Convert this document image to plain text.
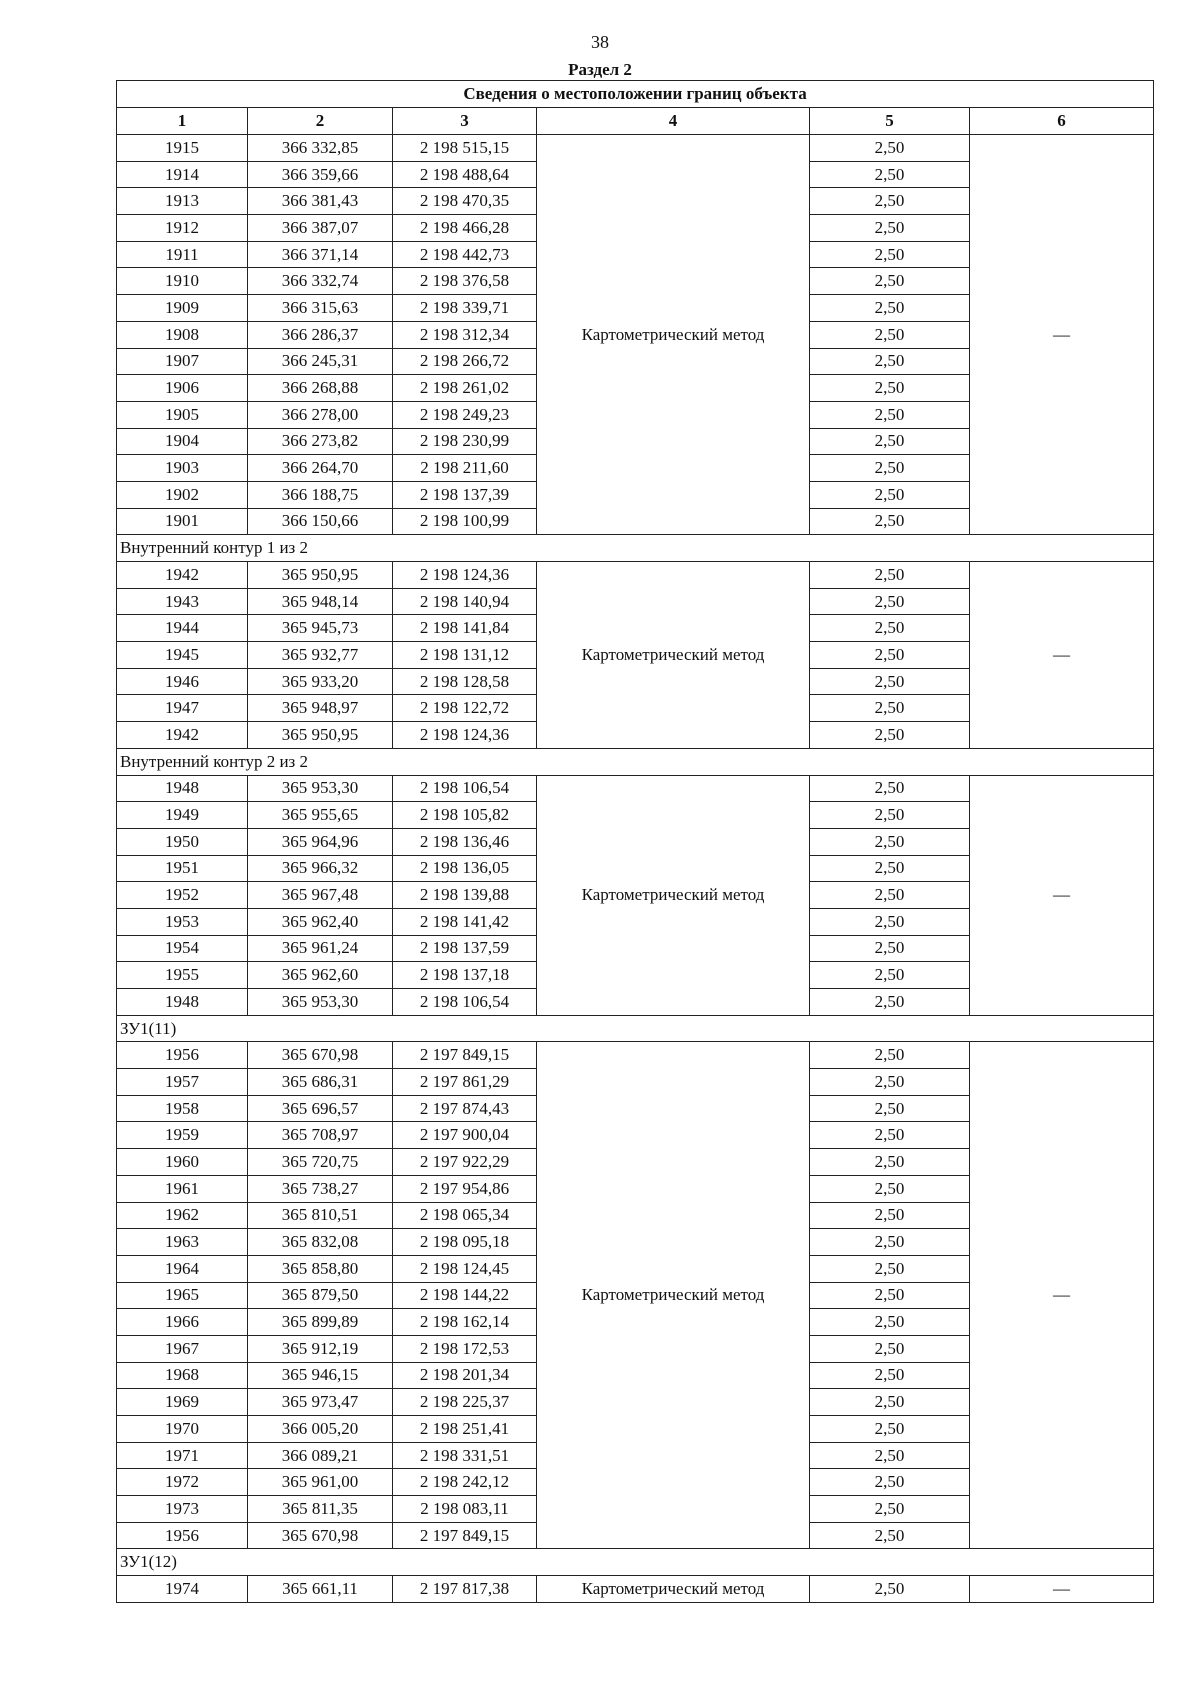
38
Раздел 2
Сведения о местоположении границ объекта					
1	2	3	4	5	6
1915	366 332,85	2 198 515,15	Картометрический метод	2,50	—
1914	366 359,66	2 198 488,64		2,50	
1913	366 381,43	2 198 470,35		2,50	
1912	366 387,07	2 198 466,28		2,50	
1911	366 371,14	2 198 442,73		2,50	
1910	366 332,74	2 198 376,58		2,50	
1909	366 315,63	2 198 339,71		2,50	
1908	366 286,37	2 198 312,34		2,50	
1907	366 245,31	2 198 266,72		2,50	
1906	366 268,88	2 198 261,02		2,50	
1905	366 278,00	2 198 249,23		2,50	
1904	366 273,82	2 198 230,99		2,50	
1903	366 264,70	2 198 211,60		2,50	
1902	366 188,75	2 198 137,39		2,50	
1901	366 150,66	2 198 100,99		2,50	
Внутренний контур 1 из 2					
1942	365 950,95	2 198 124,36	Картометрический метод	2,50	—
1943	365 948,14	2 198 140,94		2,50	
1944	365 945,73	2 198 141,84		2,50	
1945	365 932,77	2 198 131,12		2,50	
1946	365 933,20	2 198 128,58		2,50	
1947	365 948,97	2 198 122,72		2,50	
1942	365 950,95	2 198 124,36		2,50	
Внутренний контур 2 из 2					
1948	365 953,30	2 198 106,54	Картометрический метод	2,50	—
1949	365 955,65	2 198 105,82		2,50	
1950	365 964,96	2 198 136,46		2,50	
1951	365 966,32	2 198 136,05		2,50	
1952	365 967,48	2 198 139,88		2,50	
1953	365 962,40	2 198 141,42		2,50	
1954	365 961,24	2 198 137,59		2,50	
1955	365 962,60	2 198 137,18		2,50	
1948	365 953,30	2 198 106,54		2,50	
ЗУ1(11)					
1956	365 670,98	2 197 849,15	Картометрический метод	2,50	—
1957	365 686,31	2 197 861,29		2,50	
1958	365 696,57	2 197 874,43		2,50	
1959	365 708,97	2 197 900,04		2,50	
1960	365 720,75	2 197 922,29		2,50	
1961	365 738,27	2 197 954,86		2,50	
1962	365 810,51	2 198 065,34		2,50	
1963	365 832,08	2 198 095,18		2,50	
1964	365 858,80	2 198 124,45		2,50	
1965	365 879,50	2 198 144,22		2,50	
1966	365 899,89	2 198 162,14		2,50	
1967	365 912,19	2 198 172,53		2,50	
1968	365 946,15	2 198 201,34		2,50	
1969	365 973,47	2 198 225,37		2,50	
1970	366 005,20	2 198 251,41		2,50	
1971	366 089,21	2 198 331,51		2,50	
1972	365 961,00	2 198 242,12		2,50	
1973	365 811,35	2 198 083,11		2,50	
1956	365 670,98	2 197 849,15		2,50	
ЗУ1(12)					
1974	365 661,11	2 197 817,38	Картометрический метод	2,50	—
